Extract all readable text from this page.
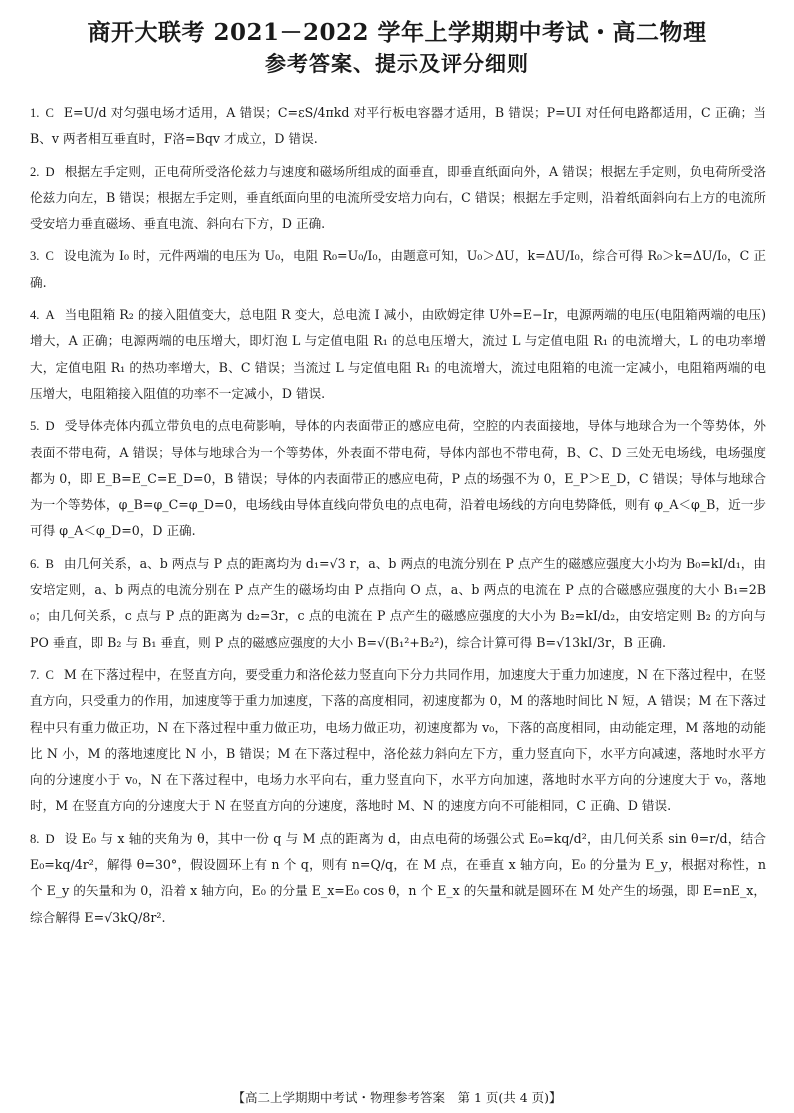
商开大联考 2021－2022 学年上学期期中考试・高二物理
参考答案、提示及评分细则

1. C E=U/d 对匀强电场才适用，A 错误；C=εS/4πkd 对平行板电容器才适用，B 错误；P=UI 对任何电路都适用，C 正确；当 B、v 两者相互垂直时，F洛=Bqv 才成立，D 错误.

2. D 根据左手定则，正电荷所受洛伦兹力与速度和磁场所组成的面垂直，即垂直纸面向外，A 错误；根据左手定则，负电荷所受洛伦兹力向左，B 错误；根据左手定则，垂直纸面向里的电流所受安培力向右，C 错误；根据左手定则，沿着纸面斜向右上方的电流所受安培力垂直磁场、垂直电流、斜向右下方，D 正确.

3. C 设电流为 I₀ 时，元件两端的电压为 U₀，电阻 R₀=U₀/I₀，由题意可知，U₀＞ΔU，k=ΔU/I₀，综合可得 R₀＞k=ΔU/I₀，C 正确.

4. A 当电阻箱 R₂ 的接入阻值变大，总电阻 R 变大，总电流 I 减小，由欧姆定律 U外=E−Ir，电源两端的电压(电阻箱两端的电压)增大，A 正确；电源两端的电压增大，即灯泡 L 与定值电阻 R₁ 的总电压增大，流过 L 与定值电阻 R₁ 的电流增大，L 的电功率增大，定值电阻 R₁ 的热功率增大，B、C 错误；当流过 L 与定值电阻 R₁ 的电流增大，流过电阻箱的电流一定减小，电阻箱两端的电压增大，电阻箱接入阻值的功率不一定减小，D 错误.

5. D 受导体壳体内孤立带负电的点电荷影响，导体的内表面带正的感应电荷，空腔的内表面接地，导体与地球合为一个等势体，外表面不带电荷，A 错误；导体与地球合为一个等势体，外表面不带电荷，导体内部也不带电荷，B、C、D 三处无电场线，电场强度都为 0，即 E_B=E_C=E_D=0，B 错误；导体的内表面带正的感应电荷，P 点的场强不为 0，E_P＞E_D，C 错误；导体与地球合为一个等势体，φ_B=φ_C=φ_D=0，电场线由导体直线向带负电的点电荷，沿着电场线的方向电势降低，则有 φ_A＜φ_B，近一步可得 φ_A＜φ_D=0，D 正确.

6. B 由几何关系，a、b 两点与 P 点的距离均为 d₁=√3 r，a、b 两点的电流分别在 P 点产生的磁感应强度大小均为 B₀=kI/d₁，由安培定则，a、b 两点的电流分别在 P 点产生的磁场均由 P 点指向 O 点，a、b 两点的电流在 P 点的合磁感应强度的大小 B₁=2B₀；由几何关系，c 点与 P 点的距离为 d₂=3r，c 点的电流在 P 点产生的磁感应强度的大小为 B₂=kI/d₂，由安培定则 B₂ 的方向与 PO 垂直，即 B₂ 与 B₁ 垂直，则 P 点的磁感应强度的大小 B=√(B₁²+B₂²)，综合计算可得 B=√13kI/3r，B 正确.

7. C M 在下落过程中，在竖直方向，要受重力和洛伦兹力竖直向下分力共同作用，加速度大于重力加速度，N 在下落过程中，在竖直方向，只受重力的作用，加速度等于重力加速度，下落的高度相同，初速度都为 0，M 的落地时间比 N 短，A 错误；M 在下落过程中只有重力做正功，N 在下落过程中重力做正功，电场力做正功，初速度都为 v₀，下落的高度相同，由动能定理，M 落地的动能比 N 小，M 的落地速度比 N 小，B 错误；M 在下落过程中，洛伦兹力斜向左下方，重力竖直向下，水平方向减速，落地时水平方向的分速度小于 v₀，N 在下落过程中，电场力水平向右，重力竖直向下，水平方向加速，落地时水平方向的分速度大于 v₀，落地时，M 在竖直方向的分速度大于 N 在竖直方向的分速度，落地时 M、N 的速度方向不可能相同，C 正确、D 错误.

8. D 设 E₀ 与 x 轴的夹角为 θ，其中一份 q 与 M 点的距离为 d，由点电荷的场强公式 E₀=kq/d²，由几何关系 sin θ=r/d，结合 E₀=kq/4r²，解得 θ=30°，假设圆环上有 n 个 q，则有 n=Q/q，在 M 点，在垂直 x 轴方向，E₀ 的分量为 E_y，根据对称性，n 个 E_y 的矢量和为 0，沿着 x 轴方向，E₀ 的分量 E_x=E₀ cos θ，n 个 E_x 的矢量和就是圆环在 M 处产生的场强，即 E=nE_x，综合解得 E=√3kQ/8r².

【高二上学期期中考试・物理参考答案　第 1 页(共 4 页)】
